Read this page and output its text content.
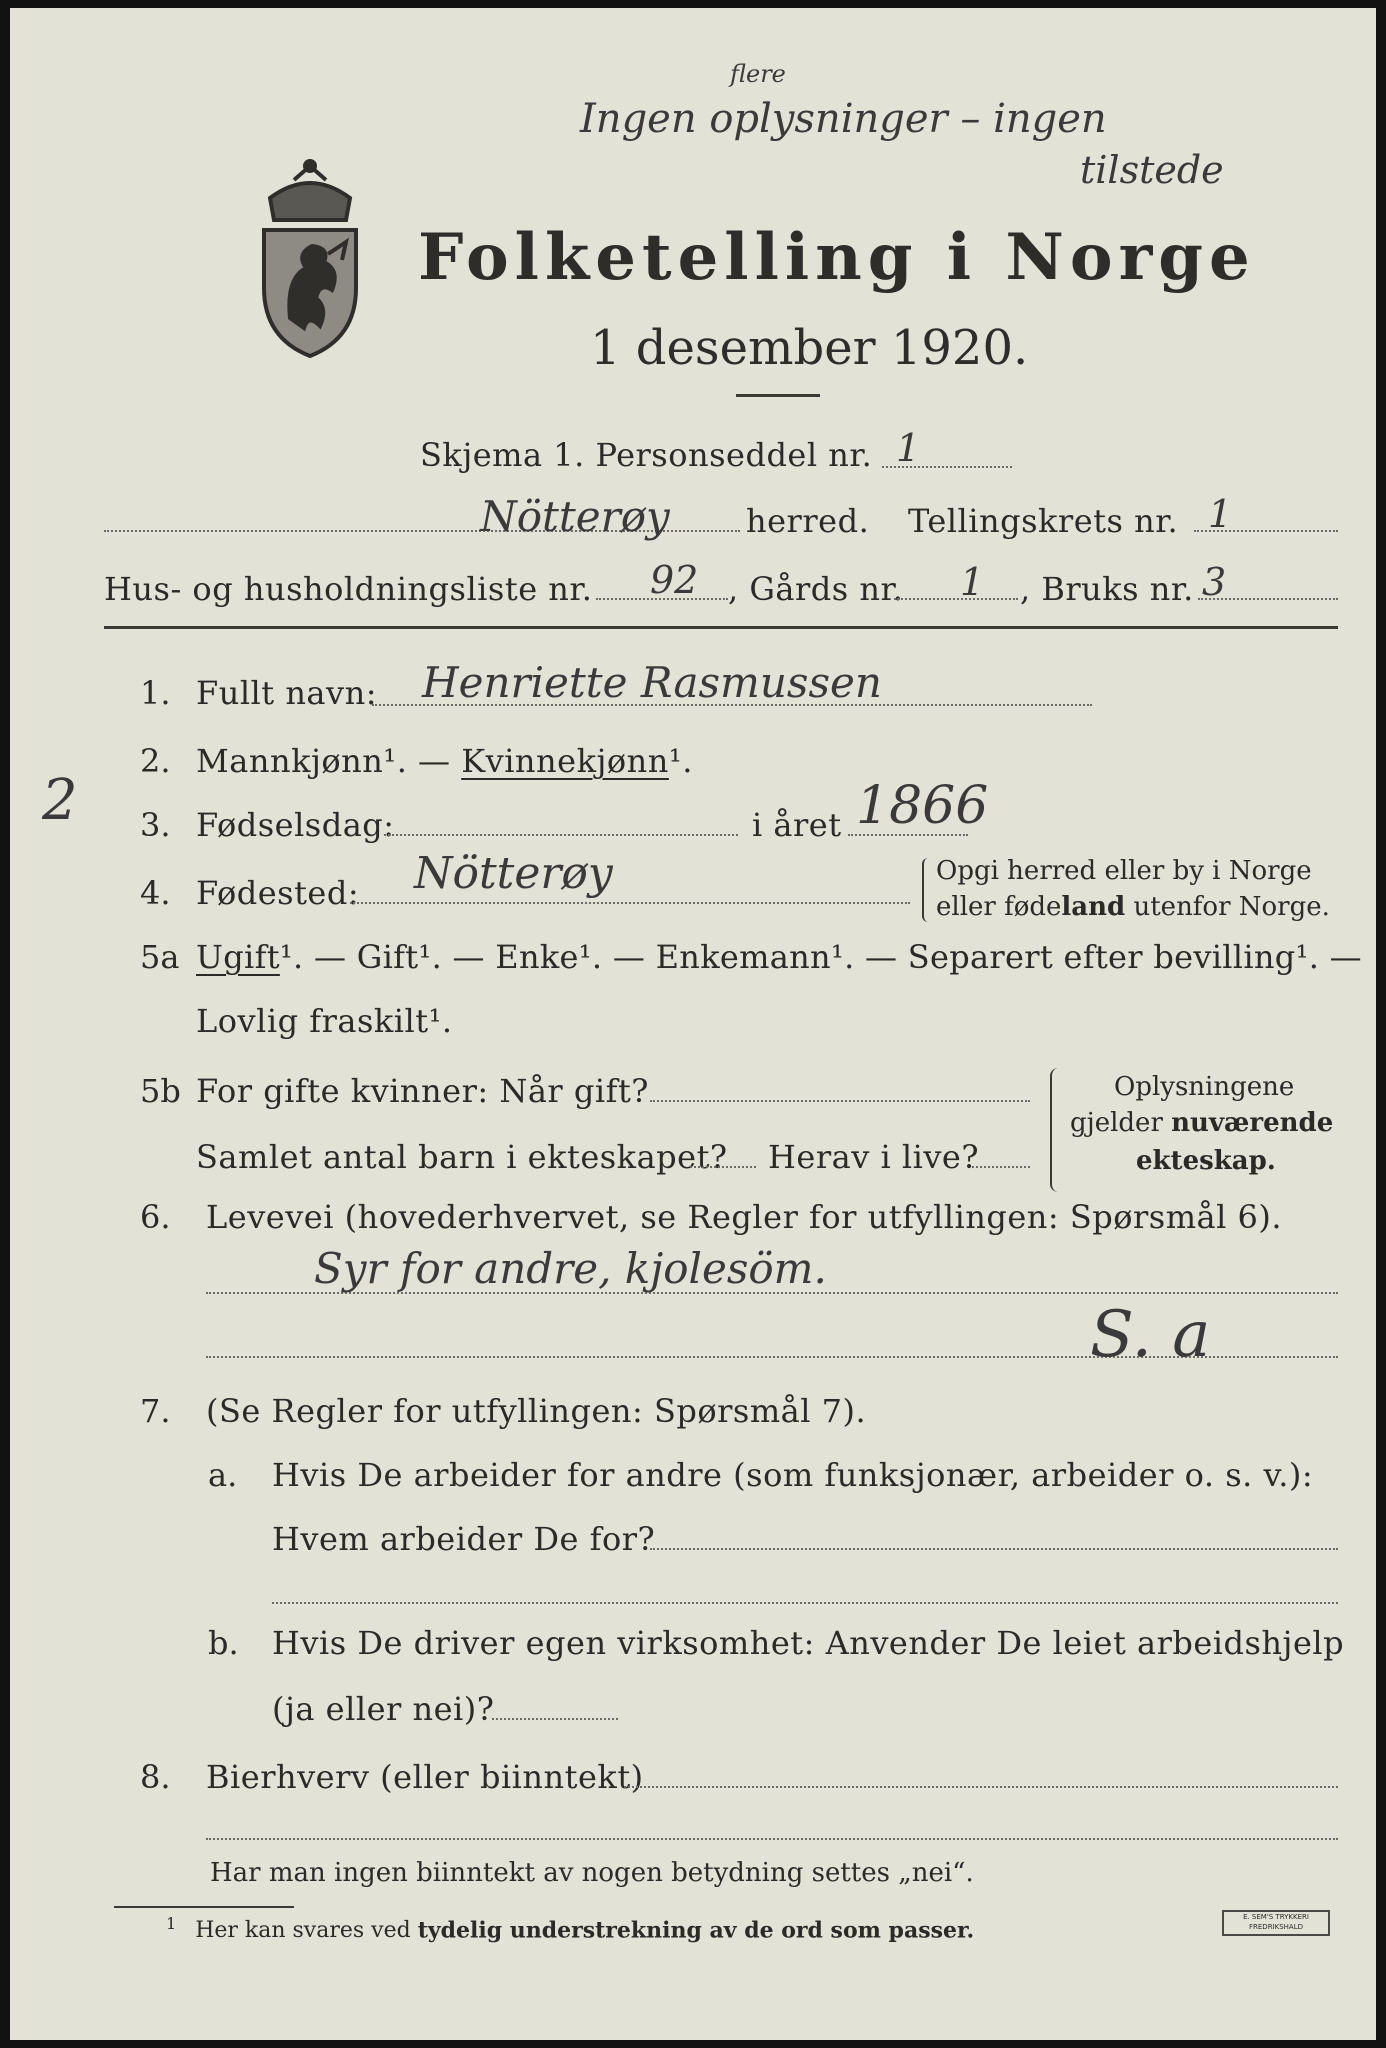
Ingen oplysninger – ingen
flere
tilstede
Folketelling i Norge
1 desember 1920.
Skjema 1. Personseddel nr. 1
Nötterøy herred. Tellingskrets nr. 1
Hus- og husholdningsliste nr. 92 , Gårds nr. 1 , Bruks nr. 3
1. Fullt navn: Henriette Rasmussen
2. Mannkjønn¹. — Kvinnekjønn¹.
2 3. Fødselsdag:	i året 1866
4. Fødested: Nötterøy	Opgi herred eller by i Norge
eller fødeland utenfor Norge.
5a Ugift¹. — Gift¹. — Enke¹. — Enkemann¹. — Separert efter bevilling¹. —
Lovlig fraskilt¹.
5b For gifte kvinner: Når gift?
Samlet antal barn i ekteskapet? Herav i live?
Oplysningene
gjelder nuværende
ekteskap.
6. Levevei (hovederhvervet, se Regler for utfyllingen: Spørsmål 6).
Syr for andre, kjolesöm.
S. a
7. (Se Regler for utfyllingen: Spørsmål 7).
a. Hvis De arbeider for andre (som funksjonær, arbeider o. s. v.):
Hvem arbeider De for?
b. Hvis De driver egen virksomhet: Anvender De leiet arbeidshjelp
(ja eller nei)?
8. Bierhverv (eller biinntekt)
Har man ingen biinntekt av nogen betydning settes „nei“.
$^1$ Her kan svares ved tydelig understrekning av de ord som passer.
E. SEM'S TRYKKERI
FREDRIKSHALD
